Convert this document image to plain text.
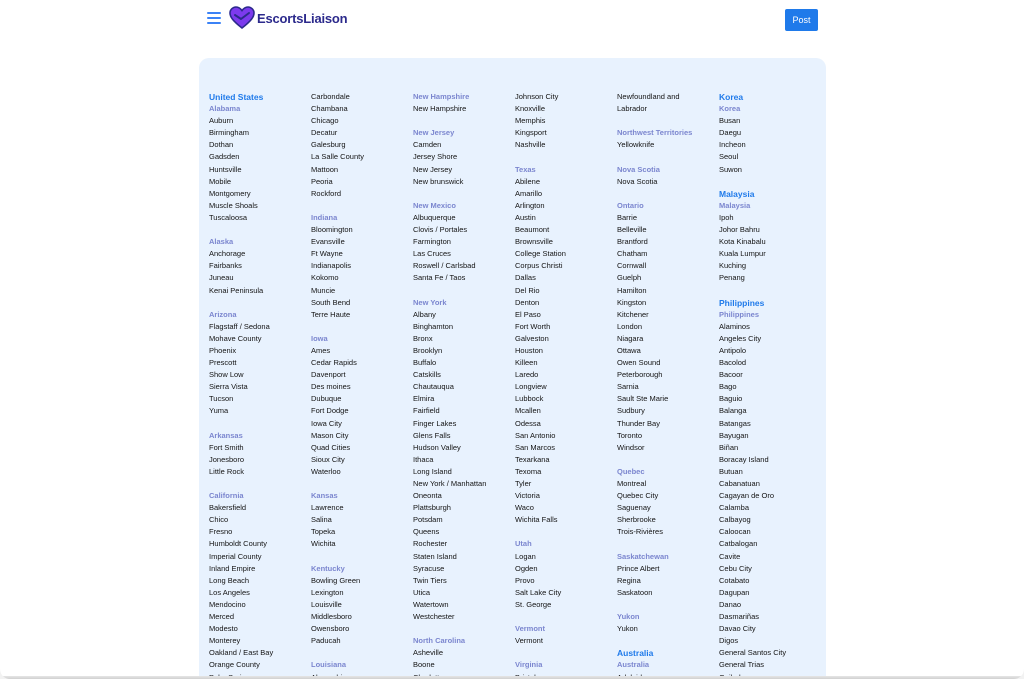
EscortsLiaison	Post
United States
Alabama
Auburn
Birmingham
Dothan
Gadsden
Huntsville
Mobile
Montgomery
Muscle Shoals
Tuscaloosa
Alaska
Anchorage
Fairbanks
Juneau
Kenai Peninsula
Arizona
Flagstaff / Sedona
Mohave County
Phoenix
Prescott
Show Low
Sierra Vista
Tucson
Yuma
Arkansas
Fort Smith
Jonesboro
Little Rock
California
Bakersfield
Chico
Fresno
Humboldt County
Imperial County
Inland Empire
Long Beach
Los Angeles
Mendocino
Merced
Modesto
Monterey
Oakland / East Bay
Orange County
Carbondale
Chambana
Chicago
Decatur
Galesburg
La Salle County
Mattoon
Peoria
Rockford
Indiana
Bloomington
Evansville
Ft Wayne
Indianapolis
Kokomo
Muncie
South Bend
Terre Haute
Iowa
Ames
Cedar Rapids
Davenport
Des moines
Dubuque
Fort Dodge
Iowa City
Mason City
Quad Cities
Sioux City
Waterloo
Kansas
Lawrence
Salina
Topeka
Wichita
Kentucky
Bowling Green
Lexington
Louisville
Middlesboro
Owensboro
Paducah
Louisiana
New Hampshire
New Hampshire
New Jersey
Camden
Jersey Shore
New Jersey
New brunswick
New Mexico
Albuquerque
Clovis / Portales
Farmington
Las Cruces
Roswell / Carlsbad
Santa Fe / Taos
New York
Albany
Binghamton
Bronx
Brooklyn
Buffalo
Catskills
Chautauqua
Elmira
Fairfield
Finger Lakes
Glens Falls
Hudson Valley
Ithaca
Long Island
New York / Manhattan
Oneonta
Plattsburgh
Potsdam
Queens
Rochester
Staten Island
Syracuse
Twin Tiers
Utica
Watertown
Westchester
North Carolina
Asheville
Boone
Johnson City
Knoxville
Memphis
Kingsport
Nashville
Texas
Abilene
Amarillo
Arlington
Austin
Beaumont
Brownsville
College Station
Corpus Christi
Dallas
Del Rio
Denton
El Paso
Fort Worth
Galveston
Houston
Killeen
Laredo
Longview
Lubbock
Mcallen
Odessa
San Antonio
San Marcos
Texarkana
Texoma
Tyler
Victoria
Waco
Wichita Falls
Utah
Logan
Ogden
Provo
Salt Lake City
St. George
Vermont
Vermont
Virginia
Newfoundland and
Labrador
Northwest Territories
Yellowknife
Nova Scotia
Nova Scotia
Ontario
Barrie
Belleville
Brantford
Chatham
Cornwall
Guelph
Hamilton
Kingston
Kitchener
London
Niagara
Ottawa
Owen Sound
Peterborough
Sarnia
Sault Ste Marie
Sudbury
Thunder Bay
Toronto
Windsor
Quebec
Montreal
Quebec City
Saguenay
Sherbrooke
Trois-Rivières
Saskatchewan
Prince Albert
Regina
Saskatoon
Yukon
Yukon
Australia
Australia
Korea
Korea
Busan
Daegu
Incheon
Seoul
Suwon
Malaysia
Malaysia
Ipoh
Johor Bahru
Kota Kinabalu
Kuala Lumpur
Kuching
Penang
Philippines
Philippines
Alaminos
Angeles City
Antipolo
Bacolod
Bacoor
Bago
Baguio
Balanga
Batangas
Bayugan
Biñan
Boracay Island
Butuan
Cabanatuan
Cagayan de Oro
Calamba
Calbayog
Caloocan
Catbalogan
Cavite
Cebu City
Cotabato
Dagupan
Danao
Dasmariñas
Davao City
Digos
General Santos City
General Trias
